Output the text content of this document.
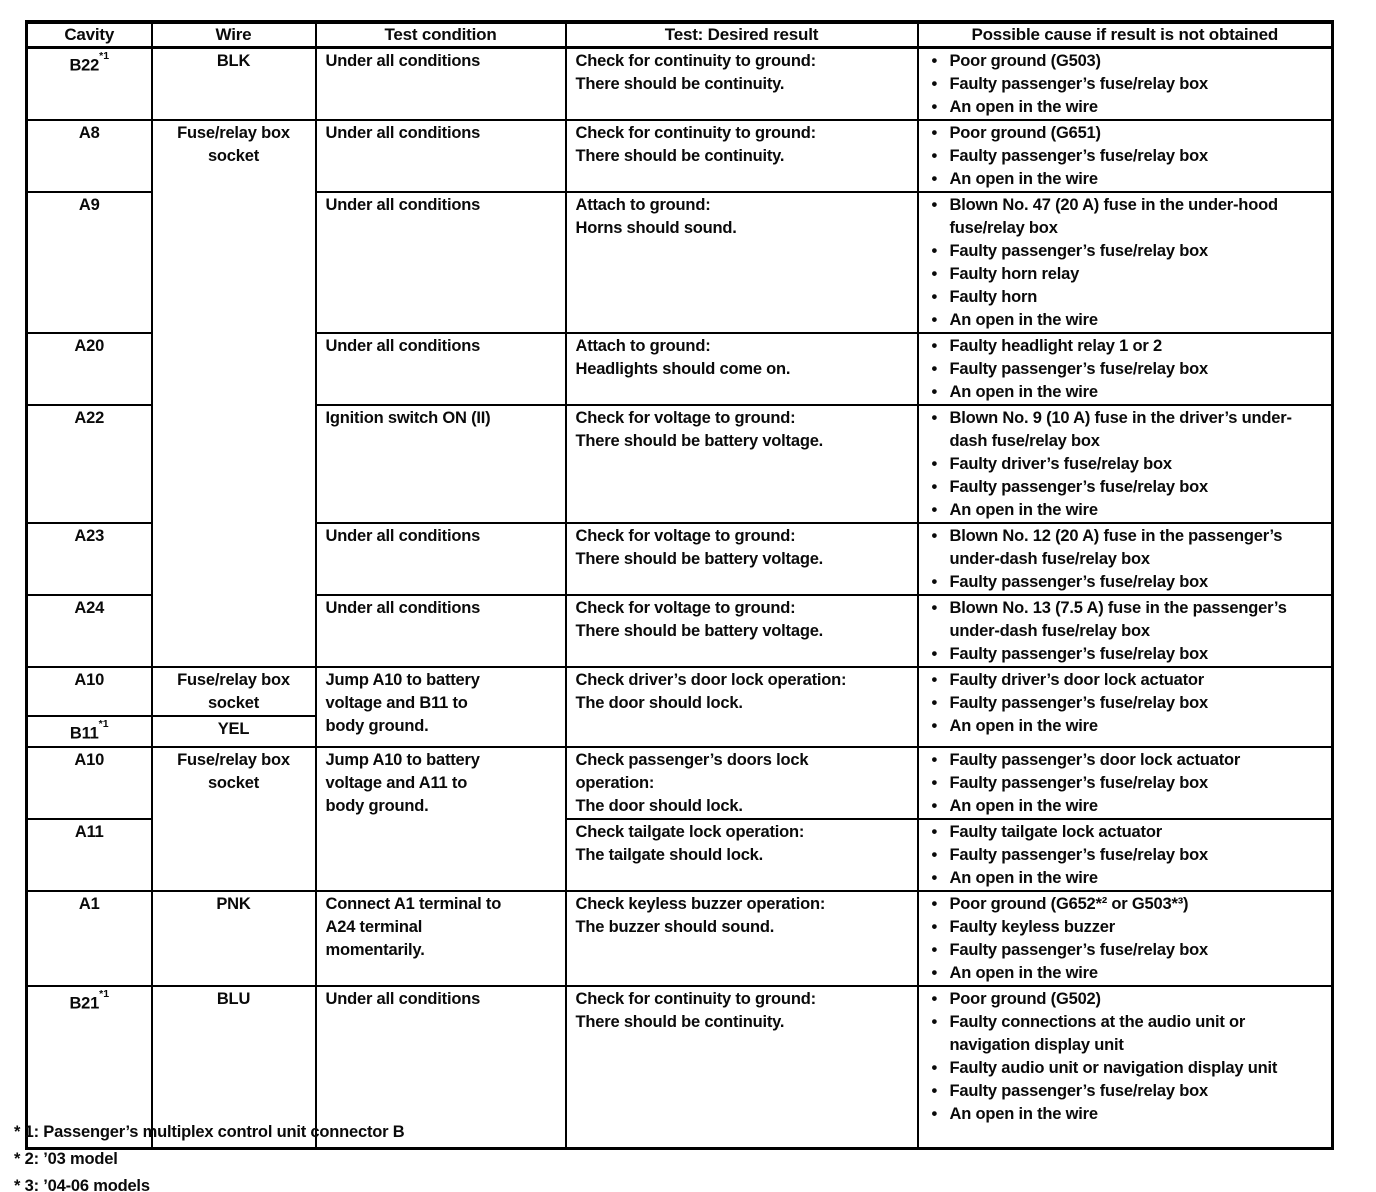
Cavity	Wire	Test condition	Test: Desired result	Possible cause if result is not obtained
B22$^{*1}$	BLK	Under all conditions	Check for continuity to ground:
There should be continuity.

• Poor ground (G503)
• Faulty passenger’s fuse/relay box
• An open in the wire

A8	Fuse/relay box socket	Under all conditions	Check for continuity to ground:
There should be continuity.

• Poor ground (G651)
• Faulty passenger’s fuse/relay box
• An open in the wire

A9	Under all conditions	Attach to ground:
Horns should sound.

• Blown No. 47 (20 A) fuse in the under-hood fuse/relay box
• Faulty passenger’s fuse/relay box
• Faulty horn relay
• Faulty horn
• An open in the wire

A20	Under all conditions	Attach to ground:
Headlights should come on.

• Faulty headlight relay 1 or 2
• Faulty passenger’s fuse/relay box
• An open in the wire

A22	Ignition switch ON (II)	Check for voltage to ground:
There should be battery voltage.

• Blown No. 9 (10 A) fuse in the driver’s under-dash fuse/relay box
• Faulty driver’s fuse/relay box
• Faulty passenger’s fuse/relay box
• An open in the wire

A23	Under all conditions	Check for voltage to ground:
There should be battery voltage.

• Blown No. 12 (20 A) fuse in the passenger’s under-dash fuse/relay box
• Faulty passenger’s fuse/relay box

A24	Under all conditions	Check for voltage to ground:
There should be battery voltage.

• Blown No. 13 (7.5 A) fuse in the passenger’s under-dash fuse/relay box
• Faulty passenger’s fuse/relay box

A10	Fuse/relay box socket	Jump A10 to battery voltage and B11 to body ground.	
Check driver’s door lock operation:
The door should lock.

• Faulty driver’s door lock actuator
• Faulty passenger’s fuse/relay box
• An open in the wire

B11$^{*1}$	YEL			
A10	Fuse/relay box socket	Jump A10 to battery voltage and A11 to body ground.	
Check passenger’s doors lock operation:
The door should lock.

• Faulty passenger’s door lock actuator
• Faulty passenger’s fuse/relay box
• An open in the wire

A11	Check tailgate lock operation:
The tailgate should lock.

• Faulty tailgate lock actuator
• Faulty passenger’s fuse/relay box
• An open in the wire

A1	PNK	Connect A1 terminal to A24 terminal momentarily.	
Check keyless buzzer operation:
The buzzer should sound.

• Poor ground (G652*² or G503*³)
• Faulty keyless buzzer
• Faulty passenger’s fuse/relay box
• An open in the wire

B21$^{*1}$	BLU	Under all conditions	Check for continuity to ground:
There should be continuity.

• Poor ground (G502)
• Faulty connections at the audio unit or navigation display unit
• Faulty audio unit or navigation display unit
• Faulty passenger’s fuse/relay box
• An open in the wire
* 1: Passenger’s multiplex control unit connector B
* 2: ’03 model
* 3: ’04-06 models
